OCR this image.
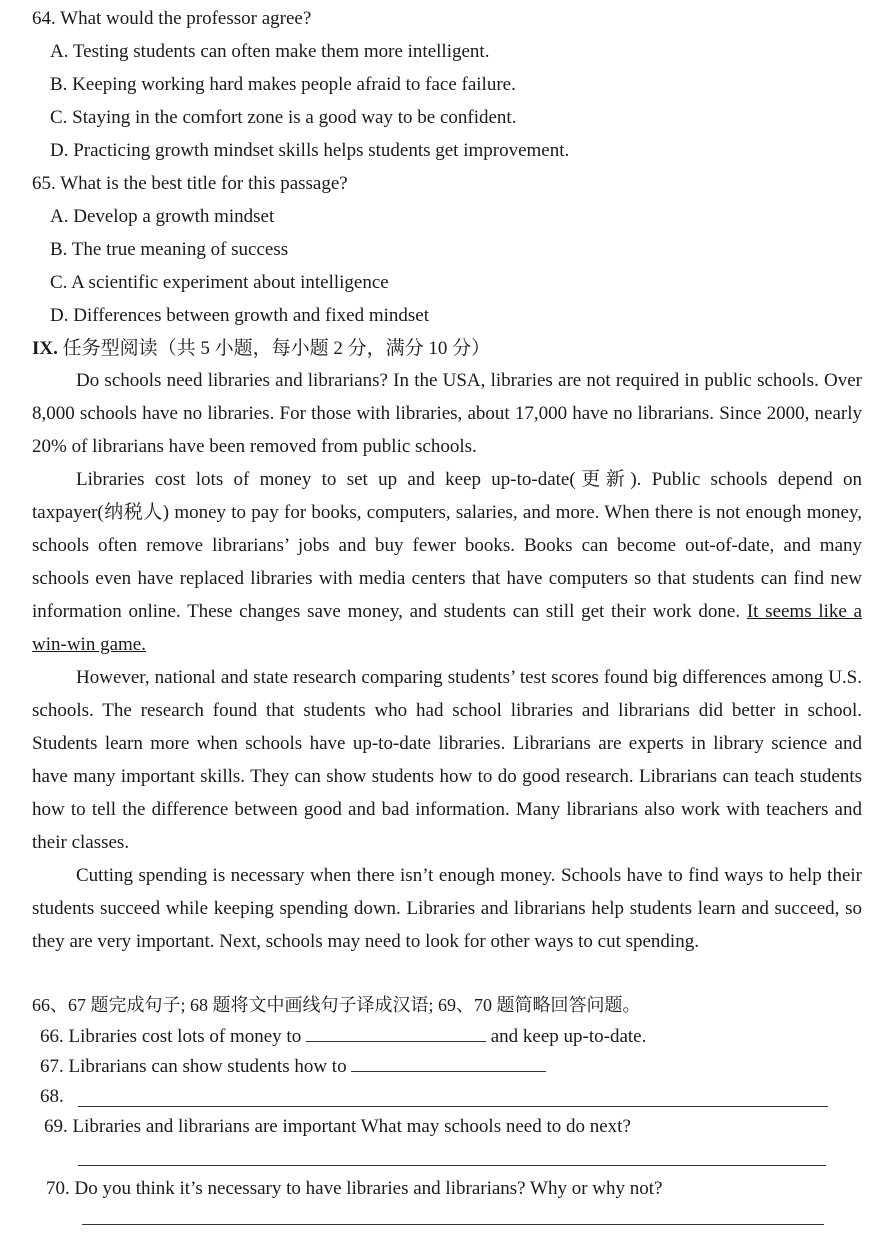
64. What would the professor agree?
A. Testing students can often make them more intelligent.
B. Keeping working hard makes people afraid to face failure.
C. Staying in the comfort zone is a good way to be confident.
D. Practicing growth mindset skills helps students get improvement.
65. What is the best title for this passage?
A. Develop a growth mindset
B. The true meaning of success
C. A scientific experiment about intelligence
D. Differences between growth and fixed mindset
IX. 任务型阅读（共 5 小题，每小题 2 分，满分 10 分）
Do schools need libraries and librarians? In the USA, libraries are not required in public schools. Over 8,000 schools have no libraries. For those with libraries, about 17,000 have no librarians. Since 2000, nearly 20% of librarians have been removed from public schools.
Libraries cost lots of money to set up and keep up-to-date(更新). Public schools depend on taxpayer(纳税人) money to pay for books, computers, salaries, and more. When there is not enough money, schools often remove librarians’ jobs and buy fewer books. Books can become out-of-date, and many schools even have replaced libraries with media centers that have computers so that students can find new information online. These changes save money, and students can still get their work done. It seems like a win-win game.
However, national and state research comparing students’ test scores found big differences among U.S. schools. The research found that students who had school libraries and librarians did better in school. Students learn more when schools have up-to-date libraries. Librarians are experts in library science and have many important skills. They can show students how to do good research. Librarians can teach students how to tell the difference between good and bad information. Many librarians also work with teachers and their classes.
Cutting spending is necessary when there isn’t enough money. Schools have to find ways to help their students succeed while keeping spending down. Libraries and librarians help students learn and succeed, so they are very important. Next, schools may need to look for other ways to cut spending.
66、67 题完成句子; 68 题将文中画线句子译成汉语; 69、70 题简略回答问题。
66. Libraries cost lots of money to	and keep up-to-date.
67. Librarians can show students how to
68.
69. Libraries and librarians are important What may schools need to do next?
70. Do you think it’s necessary to have libraries and librarians? Why or why not?
